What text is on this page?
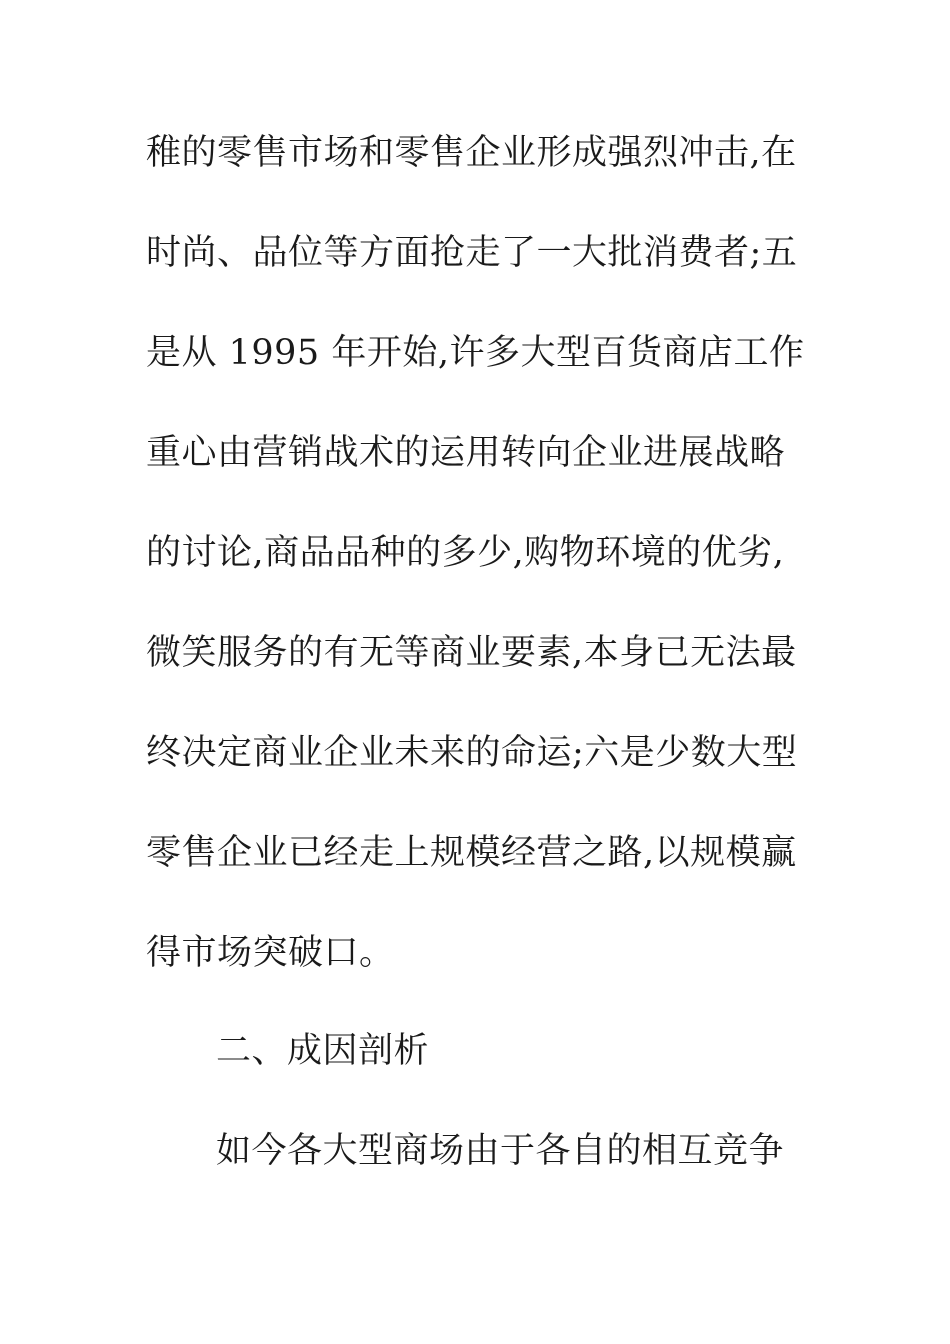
稚的零售市场和零售企业形成强烈冲击,在
时尚、品位等方面抢走了一大批消费者;五
是从 1995 年开始,许多大型百货商店工作
重心由营销战术的运用转向企业进展战略
的讨论,商品品种的多少,购物环境的优劣,
微笑服务的有无等商业要素,本身已无法最
终决定商业企业未来的命运;六是少数大型
零售企业已经走上规模经营之路,以规模赢
得市场突破口。
二、成因剖析
如今各大型商场由于各自的相互竞争
